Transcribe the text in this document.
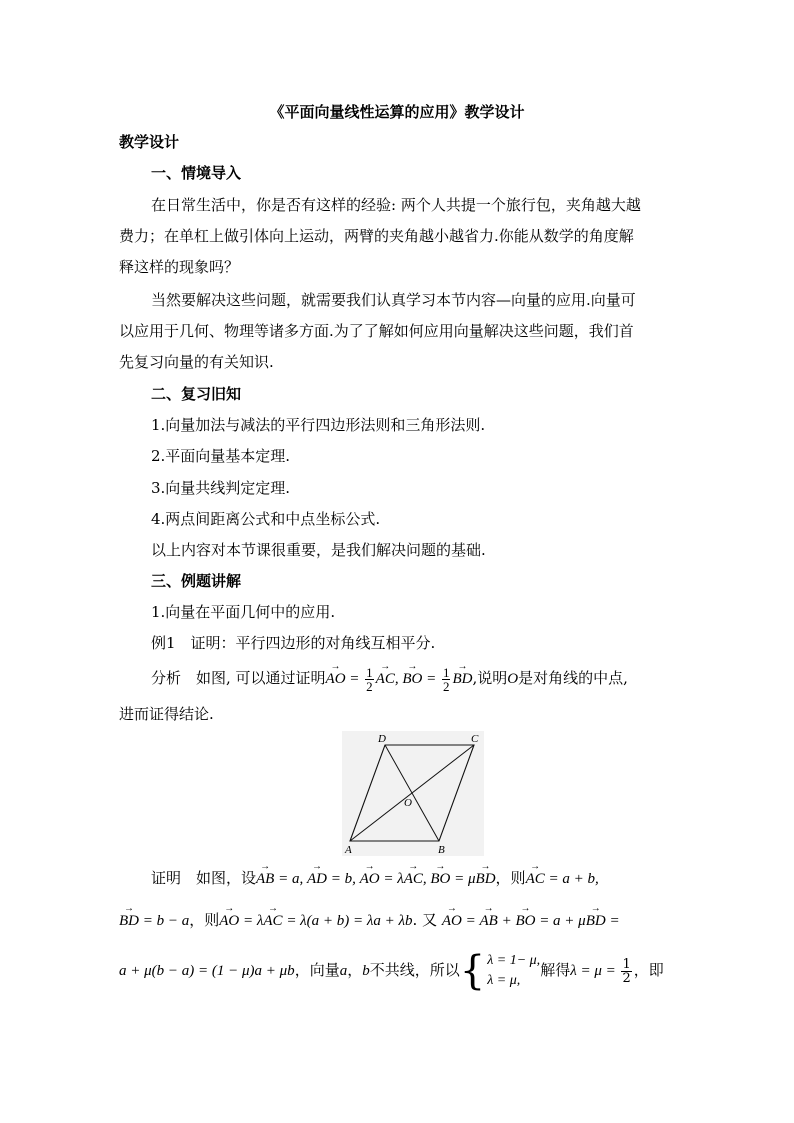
《平面向量线性运算的应用》教学设计
教学设计
一、情境导入
在日常生活中，你是否有这样的经验: 两个人共提一个旅行包，夹角越大越
费力；在单杠上做引体向上运动，两臂的夹角越小越省力.你能从数学的角度解
释这样的现象吗？
当然要解决这些问题，就需要我们认真学习本节内容—向量的应用.向量可
以应用于几何、物理等诸多方面.为了了解如何应用向量解决这些问题，我们首
先复习向量的有关知识.
二、复习旧知
1.向量加法与减法的平行四边形法则和三角形法则.
2.平面向量基本定理.
3.向量共线判定定理.
4.两点间距离公式和中点坐标公式.
以上内容对本节课很重要，是我们解决问题的基础.
三、例题讲解
1.向量在平面几何中的应用.
例1　证明：平行四边形的对角线互相平分.
分析　如图, 可以通过证明→ AO = $\frac{1}{2}$ → AC, → BO = $\frac{1}{2}$ → BD,说明O是对角线的中点,
进而证得结论.
A	B
C
D
O
证明　如图，设→ AB = a, → AD = b, → AO = λ→ AC, → BO = μ→ BD，则→ AC = a + b,
→ BD = b − a，则→ AO = λ→ AC = λ(a + b) = λa + λb. 又 → AO = → AB + → BO = a + μ→ BD =
a + μ(b − a) = (1 − μ)a + μb，向量a，b不共线，所以{ λ = 1− μ,
λ = μ,
解得$\lambda = \mu = \frac{1}{2}$ ，即
